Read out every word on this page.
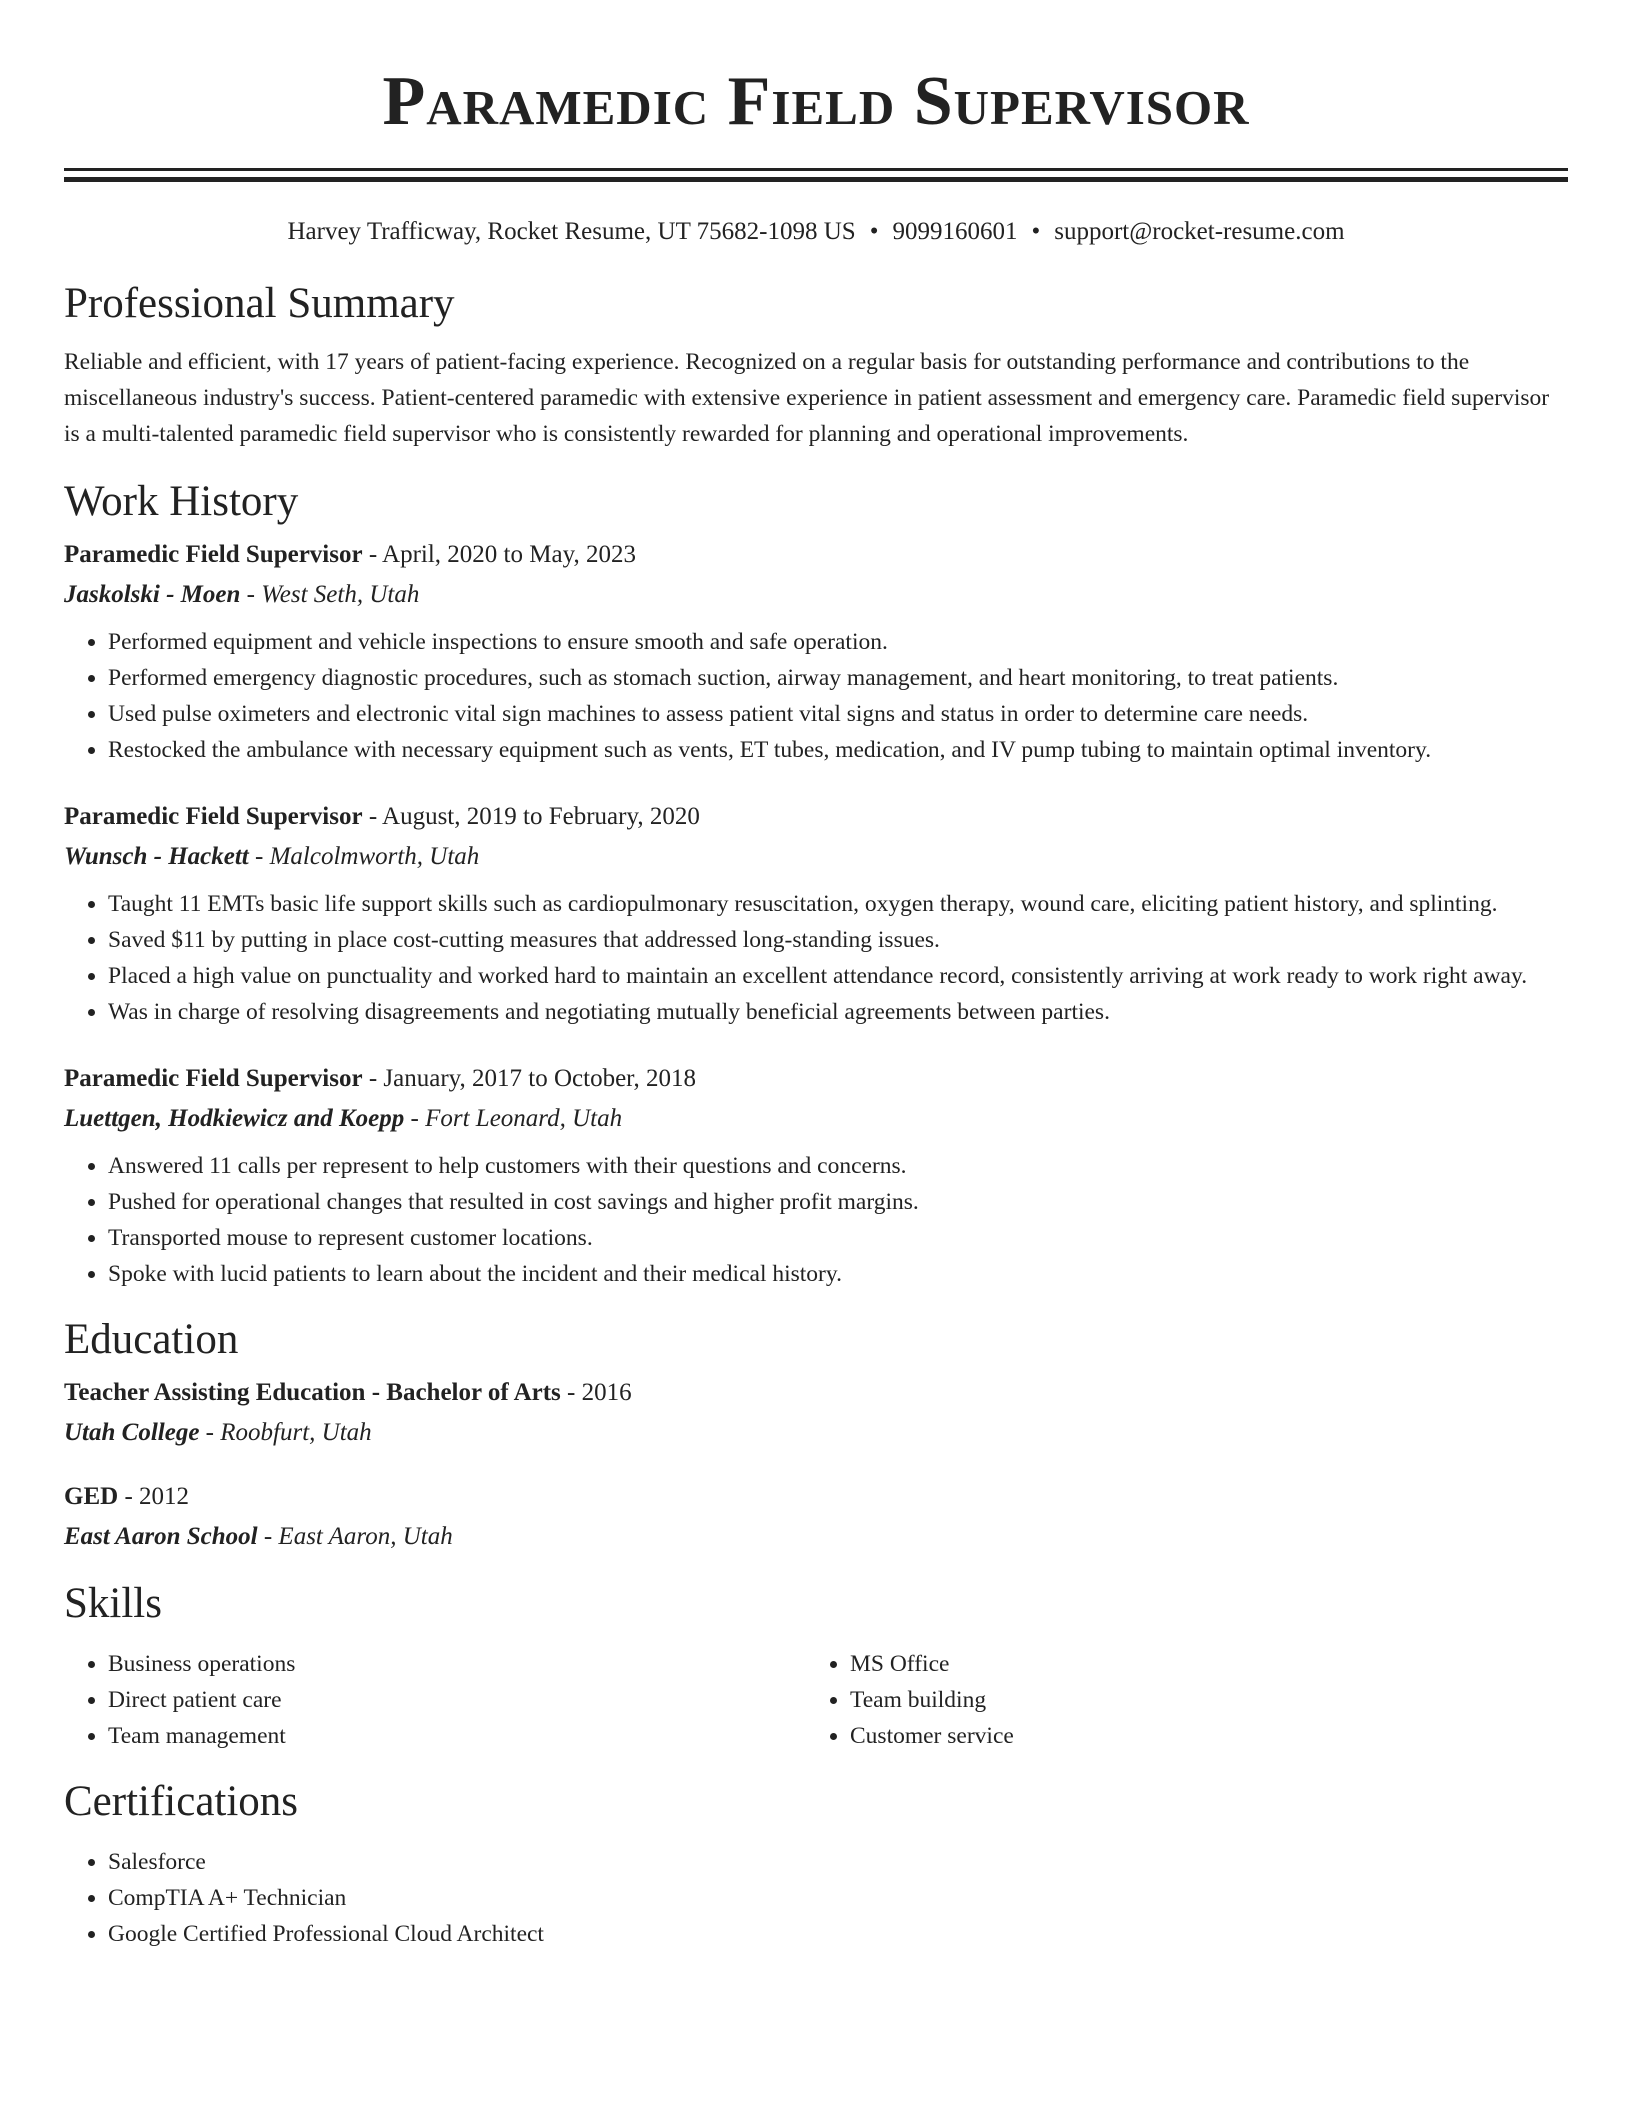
Paramedic Field Supervisor
Harvey Trafficway, Rocket Resume, UT 75682-1098 US • 9099160601 • support@rocket-resume.com
Professional Summary
Reliable and efficient, with 17 years of patient-facing experience. Recognized on a regular basis for outstanding performance and contributions to the miscellaneous industry's success. Patient-centered paramedic with extensive experience in patient assessment and emergency care. Paramedic field supervisor is a multi-talented paramedic field supervisor who is consistently rewarded for planning and operational improvements.
Work History
Paramedic Field Supervisor - April, 2020 to May, 2023
Jaskolski - Moen - West Seth, Utah
• Performed equipment and vehicle inspections to ensure smooth and safe operation.
• Performed emergency diagnostic procedures, such as stomach suction, airway management, and heart monitoring, to treat patients.
• Used pulse oximeters and electronic vital sign machines to assess patient vital signs and status in order to determine care needs.
• Restocked the ambulance with necessary equipment such as vents, ET tubes, medication, and IV pump tubing to maintain optimal inventory.
Paramedic Field Supervisor - August, 2019 to February, 2020
Wunsch - Hackett - Malcolmworth, Utah
• Taught 11 EMTs basic life support skills such as cardiopulmonary resuscitation, oxygen therapy, wound care, eliciting patient history, and splinting.
• Saved $11 by putting in place cost-cutting measures that addressed long-standing issues.
• Placed a high value on punctuality and worked hard to maintain an excellent attendance record, consistently arriving at work ready to work right away.
• Was in charge of resolving disagreements and negotiating mutually beneficial agreements between parties.
Paramedic Field Supervisor - January, 2017 to October, 2018
Luettgen, Hodkiewicz and Koepp - Fort Leonard, Utah
• Answered 11 calls per represent to help customers with their questions and concerns.
• Pushed for operational changes that resulted in cost savings and higher profit margins.
• Transported mouse to represent customer locations.
• Spoke with lucid patients to learn about the incident and their medical history.
Education
Teacher Assisting Education - Bachelor of Arts - 2016
Utah College - Roobfurt, Utah
GED - 2012
East Aaron School - East Aaron, Utah
Skills
• Business operations
• Direct patient care
• Team management
• MS Office
• Team building
• Customer service
Certifications
• Salesforce
• CompTIA A+ Technician
• Google Certified Professional Cloud Architect
